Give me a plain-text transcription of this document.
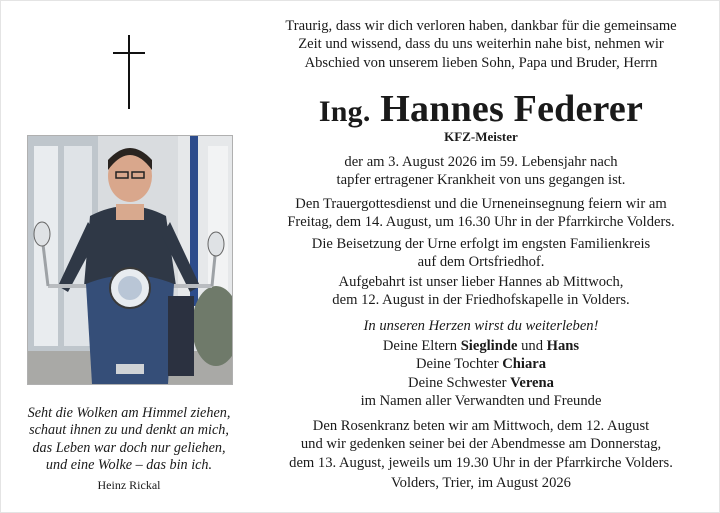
Seht die Wolken am Himmel ziehen,
schaut ihnen zu und denkt an mich,
das Leben war doch nur geliehen,
und eine Wolke – das bin ich.
Heinz Rickal
Traurig, dass wir dich verloren haben, dankbar für die gemeinsame
Zeit und wissend, dass du uns weiterhin nahe bist, nehmen wir
Abschied von unserem lieben Sohn, Papa und Bruder, Herrn
Ing. Hannes Federer
KFZ-Meister
der am 3. August 2026 im 59. Lebensjahr nach
tapfer ertragener Krankheit von uns gegangen ist.
Den Trauergottesdienst und die Urneneinsegnung feiern wir am
Freitag, dem 14. August, um 16.30 Uhr in der Pfarrkirche Volders.
Die Beisetzung der Urne erfolgt im engsten Familienkreis
auf dem Ortsfriedhof.
Aufgebahrt ist unser lieber Hannes ab Mittwoch,
dem 12. August in der Friedhofskapelle in Volders.
In unseren Herzen wirst du weiterleben!
Deine Eltern Sieglinde und Hans
Deine Tochter Chiara
Deine Schwester Verena
im Namen aller Verwandten und Freunde
Den Rosenkranz beten wir am Mittwoch, dem 12. August
und wir gedenken seiner bei der Abendmesse am Donnerstag,
dem 13. August, jeweils um 19.30 Uhr in der Pfarrkirche Volders.
Volders, Trier, im August 2026
